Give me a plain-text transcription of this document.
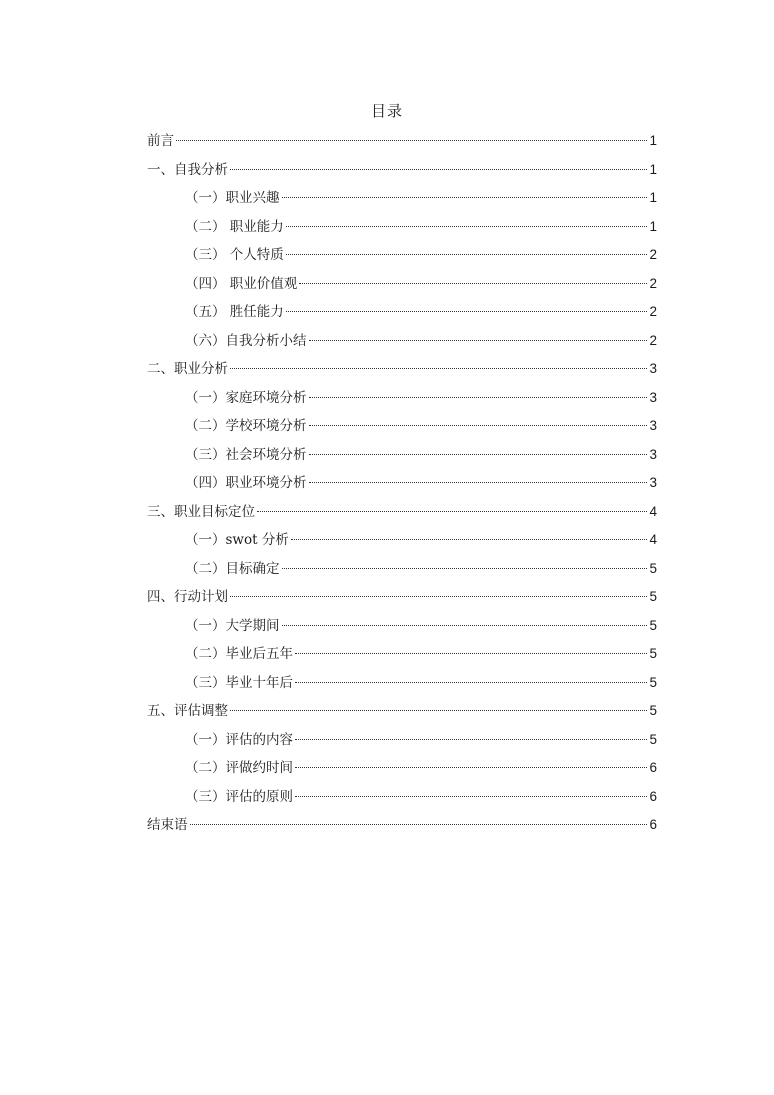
目录
前言	1
一、自我分析	1
（一）职业兴趣	1
（二） 职业能力	1
（三） 个人特质	2
（四） 职业价值观	2
（五） 胜任能力	2
（六）自我分析小结	2
二、职业分析	3
（一）家庭环境分析	3
（二）学校环境分析	3
（三）社会环境分析	3
（四）职业环境分析	3
三、职业目标定位	4
（一）swot 分析	4
（二）目标确定	5
四、行动计划	5
（一）大学期间	5
（二）毕业后五年	5
（三）毕业十年后	5
五、评估调整	5
（一）评估的内容	5
（二）评做约时间	6
（三）评估的原则	6
结束语	6
